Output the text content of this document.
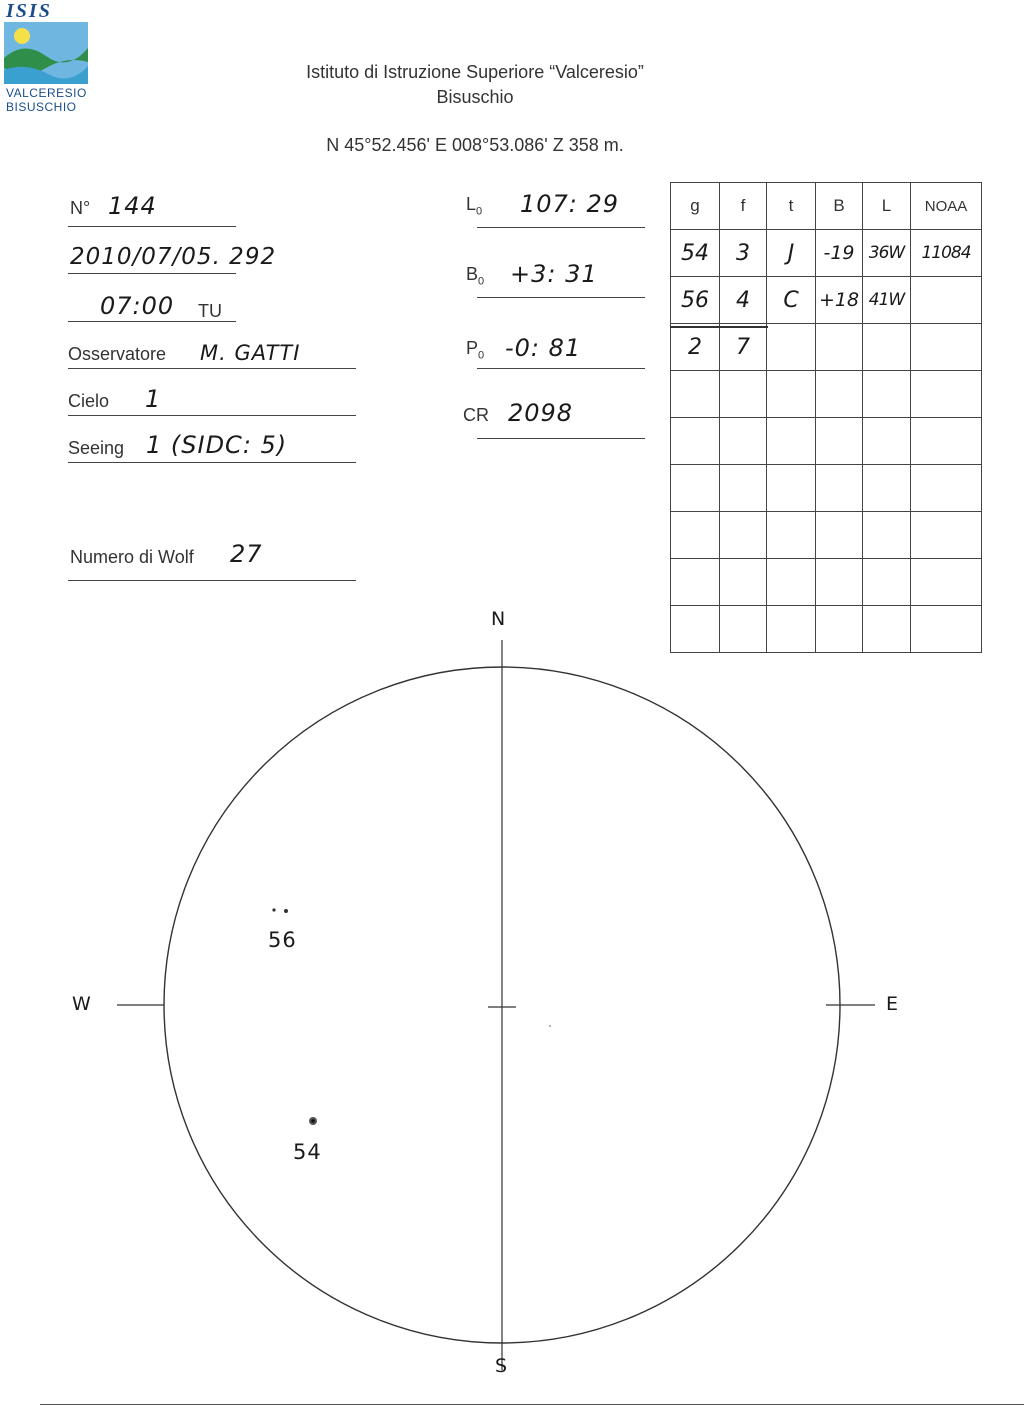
ISIS
VALCERESIO
BISUSCHIO
Istituto di Istruzione Superiore “Valceresio”
Bisuschio
N 45°52.456' E 008°53.086' Z 358 m.
N° 144
2010/07/05. 292
07:00 TU
Osservatore M. GATTI
Cielo 1
Seeing 1 (SIDC: 5)
Numero di Wolf 27
$L_0$ 107: 29
$B_0 +3$: 31
$P_0$ -0: 81
CR 2098
g	f	t	B	L	NOAA
54	3	J	-19	36W	11084
56	4	C	+18	41W	
2	7				

N
S
E
W
56
54
